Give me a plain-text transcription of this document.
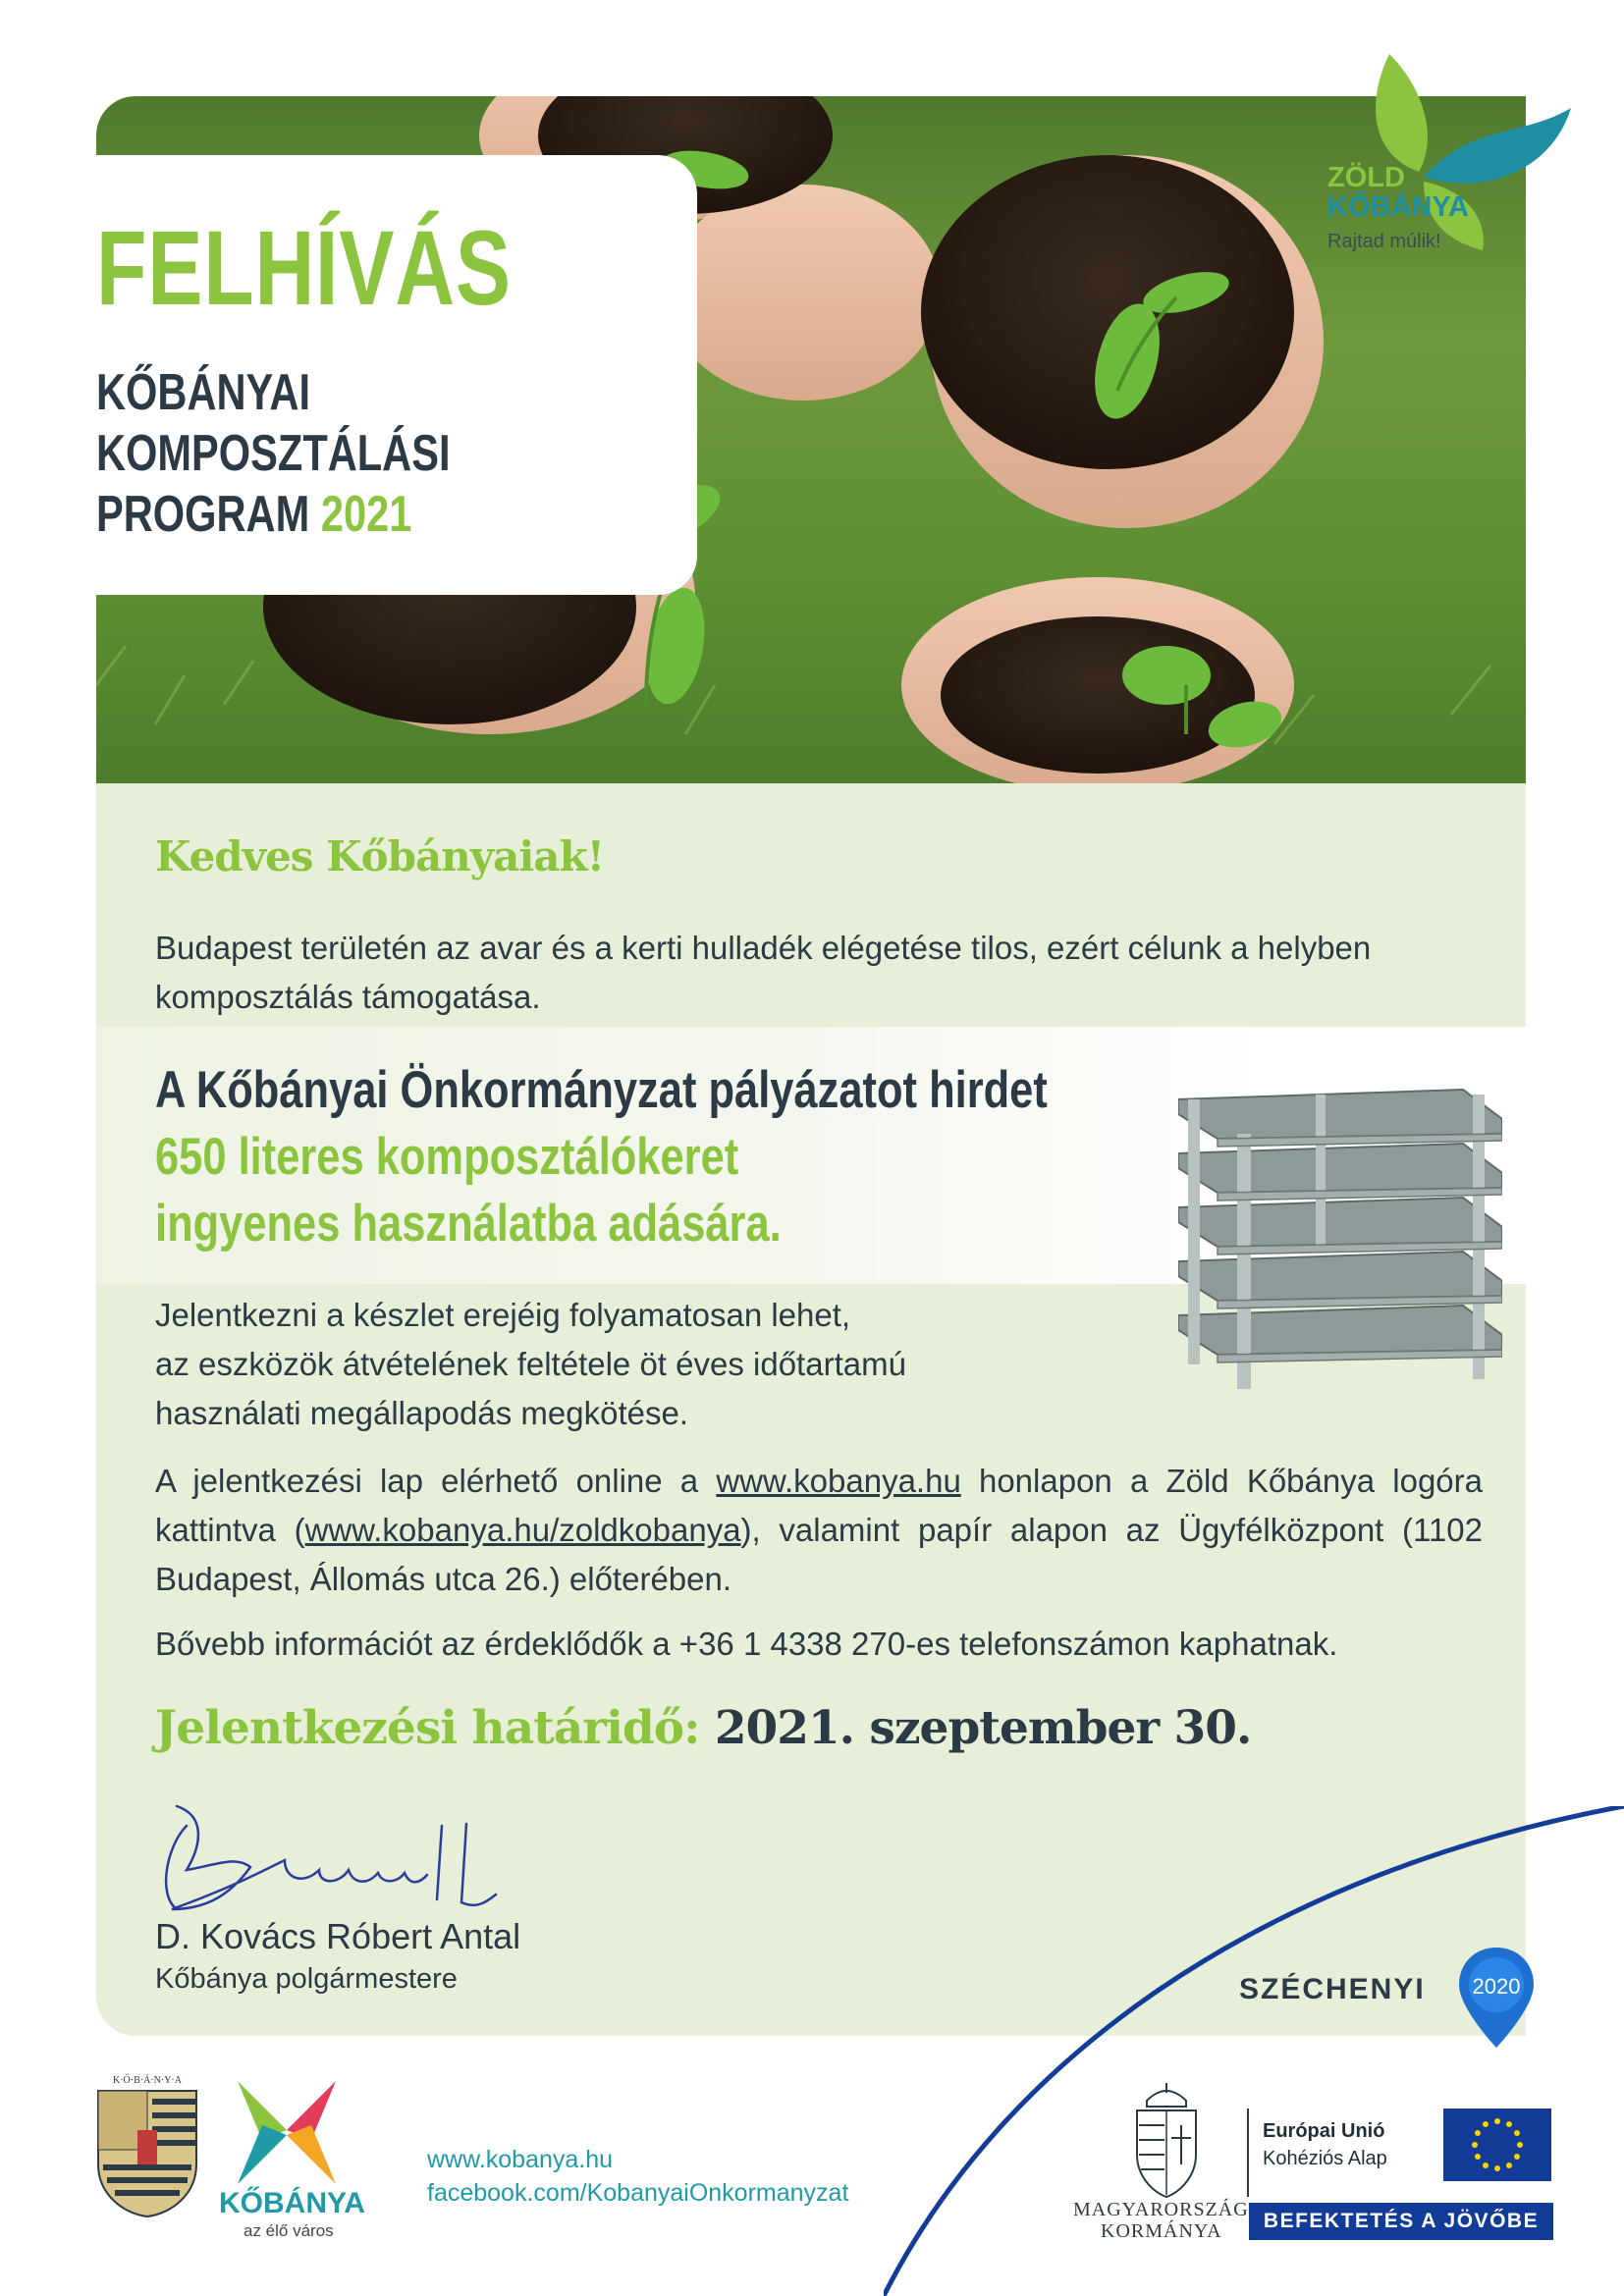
FELHÍVÁS
KŐBÁNYAI
KOMPOSZTÁLÁSI
PROGRAM 2021
ZÖLD
KŐBÁNYA
Rajtad múlik!
Kedves Kőbányaiak!
Budapest területén az avar és a kerti hulladék elégetése tilos, ezért célunk a helyben komposztálás támogatása.
A Kőbányai Önkormányzat pályázatot hirdet
650 literes komposztálókeret
ingyenes használatba adására.
Jelentkezni a készlet erejéig folyamatosan lehet,
az eszközök átvételének feltétele öt éves időtartamú
használati megállapodás megkötése.
A jelentkezési lap elérhető online a www.kobanya.hu honlapon a Zöld Kőbánya logóra kattintva (www.kobanya.hu/zoldkobanya), valamint papír alapon az Ügyfélközpont (1102 Budapest, Állomás utca 26.) előterében.
Bővebb információt az érdeklődők a +36 1 4338 270-es telefonszámon kaphatnak.
Jelentkezési határidő: 2021. szeptember 30.
D. Kovács Róbert Antal
Kőbánya polgármestere	SZÉCHENYI 2020
K·Ő·B·Á·N·Y·A
KŐBÁNYA
az élő város
www.kobanya.hu
facebook.com/KobanyaiOnkormanyzat
MAGYARORSZÁG
KORMÁNYA
Európai Unió
Kohéziós Alap
BEFEKTETÉS A JÖVŐBE
